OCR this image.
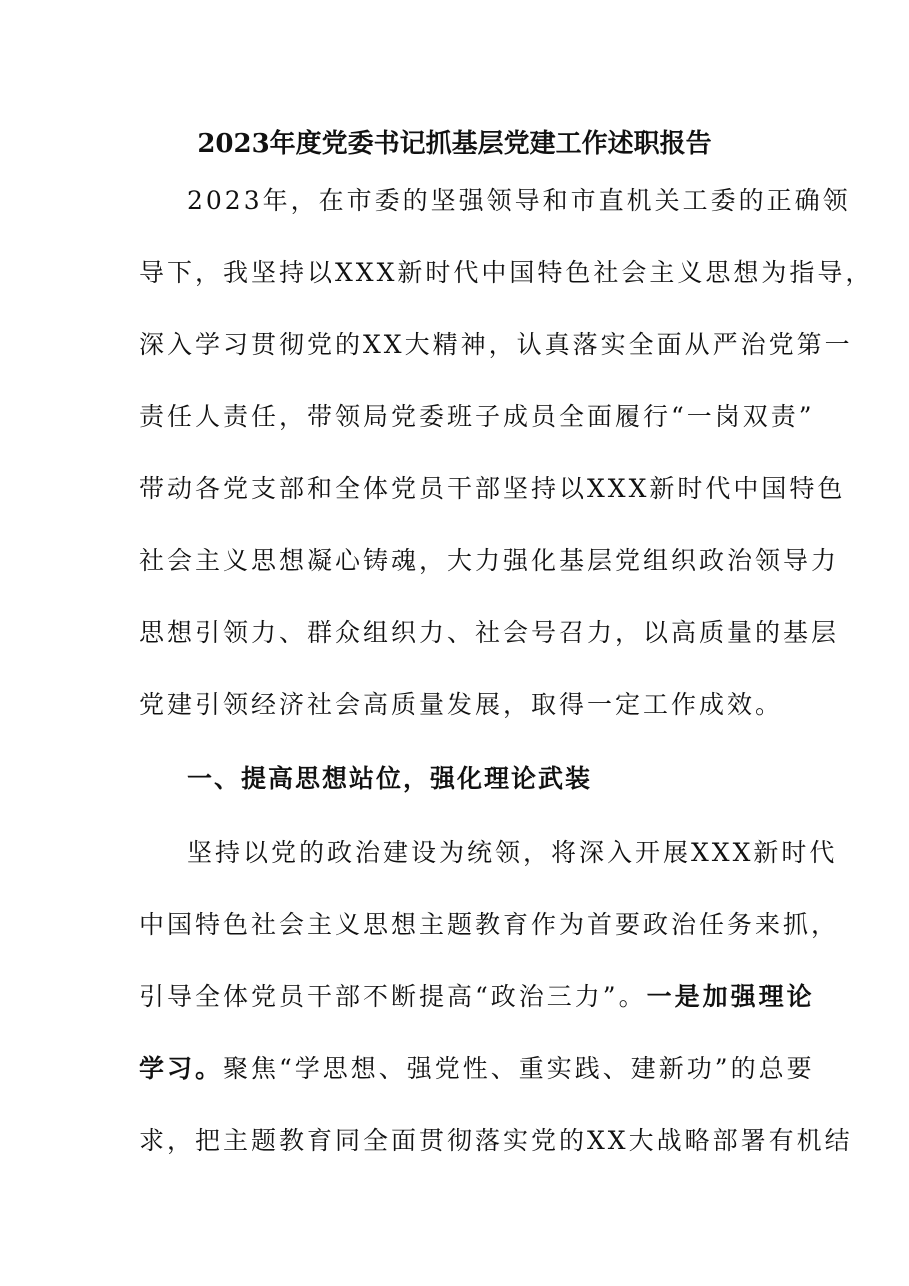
2023年度党委书记抓基层党建工作述职报告
2023年，在市委的坚强领导和市直机关工委的正确领
导下，我坚持以XXX新时代中国特色社会主义思想为指导，
深入学习贯彻党的XX大精神，认真落实全面从严治党第一
责任人责任，带领局党委班子成员全面履行“一岗双责”
带动各党支部和全体党员干部坚持以XXX新时代中国特色
社会主义思想凝心铸魂，大力强化基层党组织政治领导力
思想引领力、群众组织力、社会号召力，以高质量的基层
党建引领经济社会高质量发展，取得一定工作成效。
一、提高思想站位，强化理论武装
坚持以党的政治建设为统领，将深入开展XXX新时代
中国特色社会主义思想主题教育作为首要政治任务来抓，
引导全体党员干部不断提高“政治三力”。一是加强理论
学习。聚焦“学思想、强党性、重实践、建新功”的总要
求，把主题教育同全面贯彻落实党的XX大战略部署有机结
